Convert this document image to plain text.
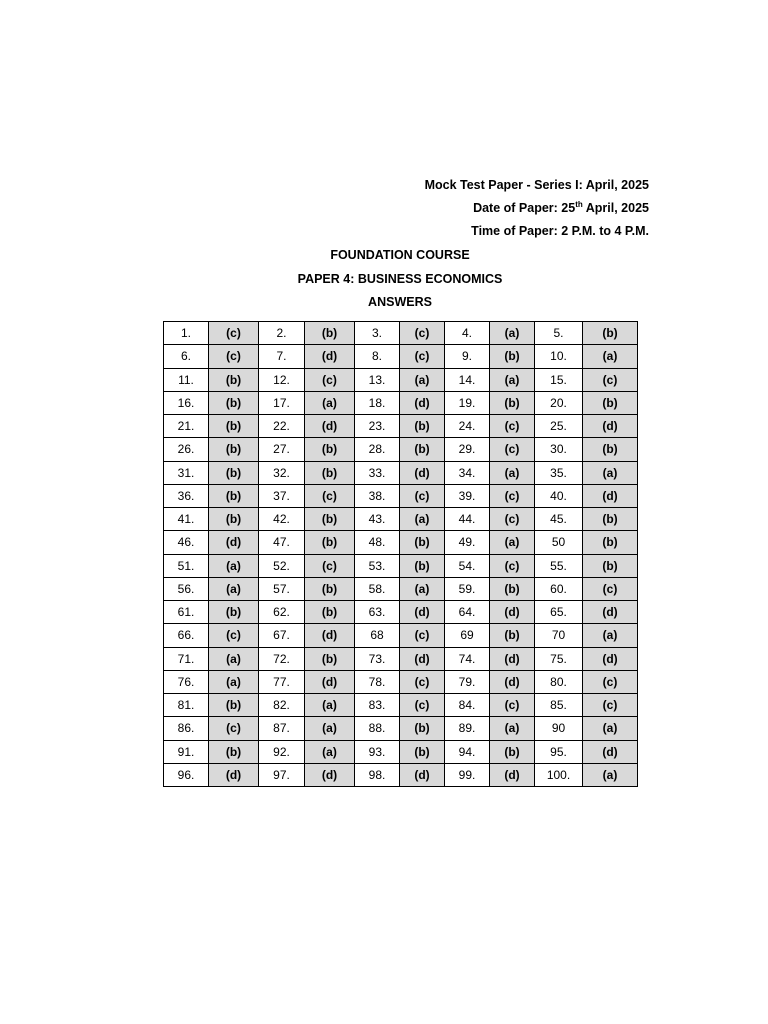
Mock Test Paper - Series I: April, 2025
Date of Paper: 25th April, 2025
Time of Paper: 2 P.M. to 4 P.M.
FOUNDATION COURSE
PAPER 4: BUSINESS ECONOMICS
ANSWERS
1.	(c)	2.	(b)	3.	(c)	4.	(a)	5.	(b)
6.	(c)	7.	(d)	8.	(c)	9.	(b)	10.	(a)
11.	(b)	12.	(c)	13.	(a)	14.	(a)	15.	(c)
16.	(b)	17.	(a)	18.	(d)	19.	(b)	20.	(b)
21.	(b)	22.	(d)	23.	(b)	24.	(c)	25.	(d)
26.	(b)	27.	(b)	28.	(b)	29.	(c)	30.	(b)
31.	(b)	32.	(b)	33.	(d)	34.	(a)	35.	(a)
36.	(b)	37.	(c)	38.	(c)	39.	(c)	40.	(d)
41.	(b)	42.	(b)	43.	(a)	44.	(c)	45.	(b)
46.	(d)	47.	(b)	48.	(b)	49.	(a)	50	(b)
51.	(a)	52.	(c)	53.	(b)	54.	(c)	55.	(b)
56.	(a)	57.	(b)	58.	(a)	59.	(b)	60.	(c)
61.	(b)	62.	(b)	63.	(d)	64.	(d)	65.	(d)
66.	(c)	67.	(d)	68	(c)	69	(b)	70	(a)
71.	(a)	72.	(b)	73.	(d)	74.	(d)	75.	(d)
76.	(a)	77.	(d)	78.	(c)	79.	(d)	80.	(c)
81.	(b)	82.	(a)	83.	(c)	84.	(c)	85.	(c)
86.	(c)	87.	(a)	88.	(b)	89.	(a)	90	(a)
91.	(b)	92.	(a)	93.	(b)	94.	(b)	95.	(d)
96.	(d)	97.	(d)	98.	(d)	99.	(d)	100.	(a)
